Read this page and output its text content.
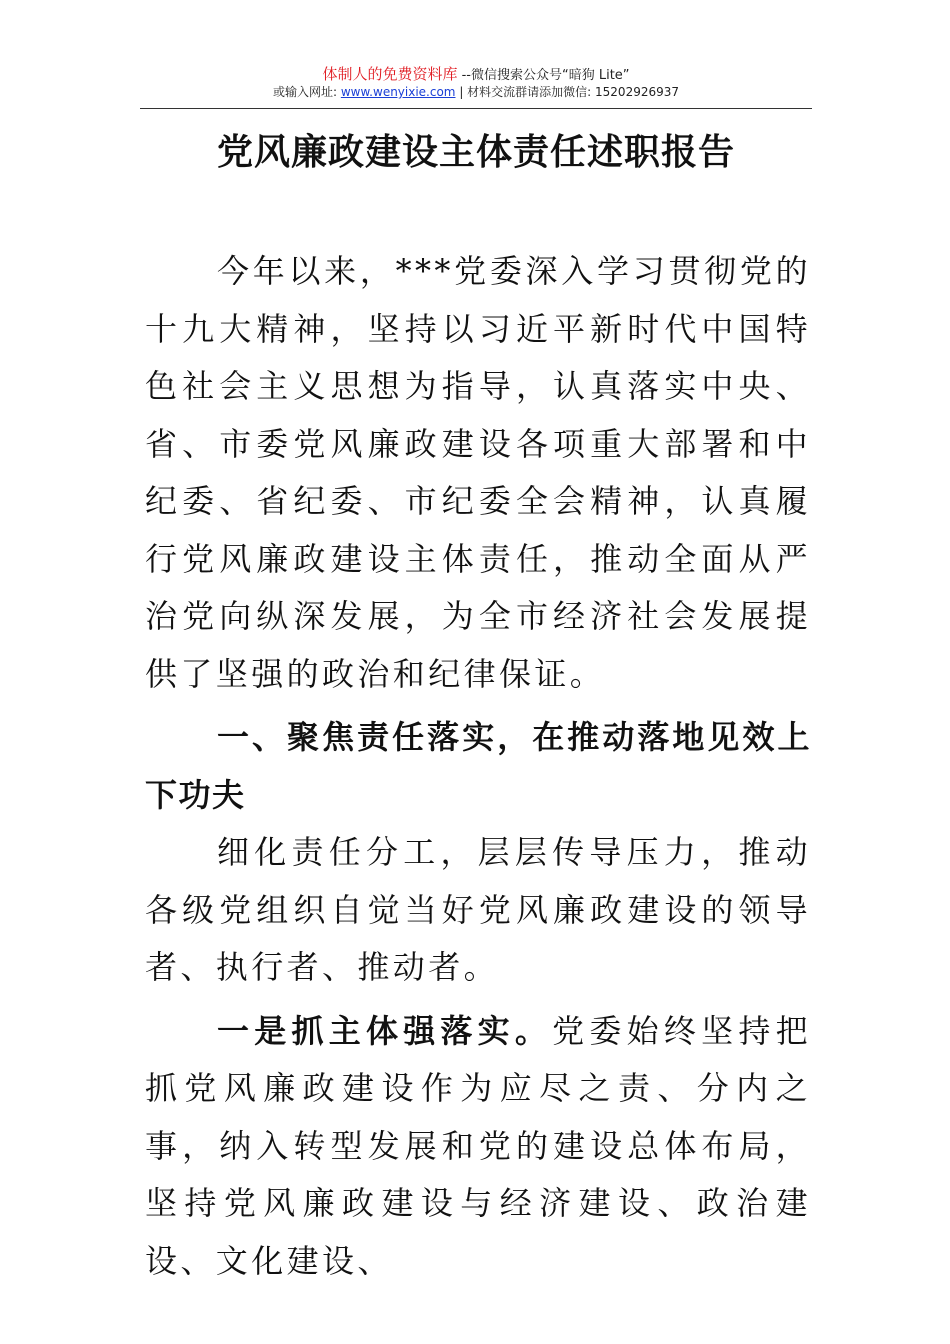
体制人的免费资料库 --微信搜索公众号“暗狗 Lite”
或输入网址: www.wenyixie.com | 材料交流群请添加微信: 15202926937
党风廉政建设主体责任述职报告

今年以来，***党委深入学习贯彻党的十九大精神，坚持以习近平新时代中国特色社会主义思想为指导，认真落实中央、省、市委党风廉政建设各项重大部署和中纪委、省纪委、市纪委全会精神，认真履行党风廉政建设主体责任，推动全面从严治党向纵深发展，为全市经济社会发展提供了坚强的政治和纪律保证。

一、聚焦责任落实，在推动落地见效上下功夫

细化责任分工，层层传导压力，推动各级党组织自觉当好党风廉政建设的领导者、执行者、推动者。

一是抓主体强落实。党委始终坚持把抓党风廉政建设作为应尽之责、分内之事，纳入转型发展和党的建设总体布局，坚持党风廉政建设与经济建设、政治建设、文化建设、
